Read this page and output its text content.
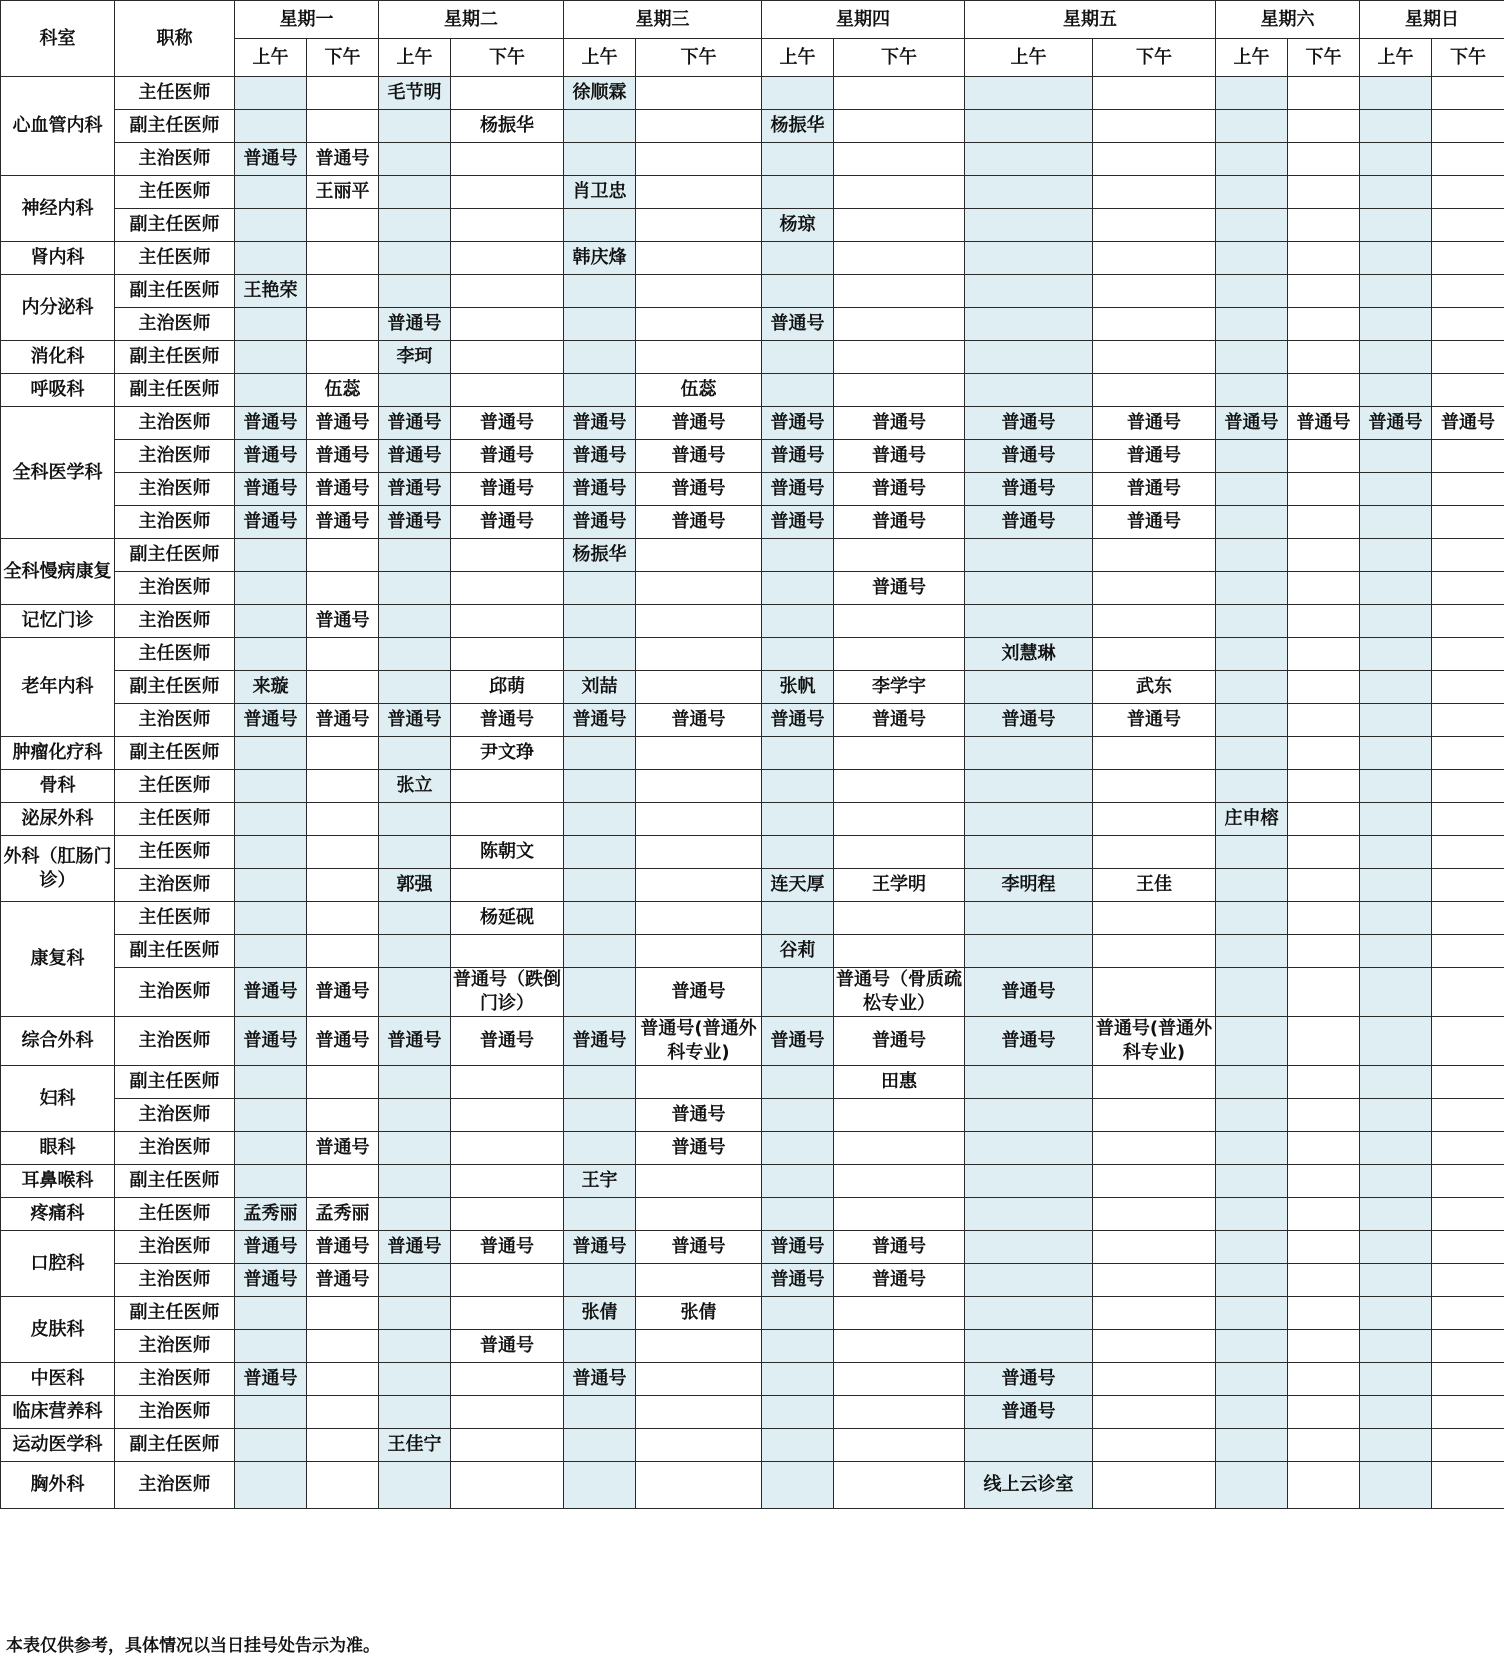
科室	职称	星期一		星期二		星期三		星期四		星期五		星期六		星期日	
		上午	下午	上午	下午	上午	下午	上午	下午	上午	下午	上午	下午	上午	下午
心血管内科	主任医师			毛节明		徐顺霖									
	副主任医师				杨振华			杨振华							
	主治医师	普通号	普通号												
神经内科	主任医师		王丽平			肖卫忠									
	副主任医师							杨琼							
肾内科	主任医师					韩庆烽									
内分泌科	副主任医师	王艳荣													
	主治医师			普通号				普通号							
消化科	副主任医师			李珂											
呼吸科	副主任医师		伍蕊				伍蕊								
全科医学科	主治医师	普通号	普通号	普通号	普通号	普通号	普通号	普通号	普通号	普通号	普通号	普通号	普通号	普通号	普通号
	主治医师	普通号	普通号	普通号	普通号	普通号	普通号	普通号	普通号	普通号	普通号				
	主治医师	普通号	普通号	普通号	普通号	普通号	普通号	普通号	普通号	普通号	普通号				
	主治医师	普通号	普通号	普通号	普通号	普通号	普通号	普通号	普通号	普通号	普通号				
全科慢病康复	副主任医师					杨振华									
	主治医师								普通号						
记忆门诊	主治医师		普通号												
老年内科	主任医师									刘慧琳					
	副主任医师	来璇			邱萌	刘喆		张帆	李学宇		武东				
	主治医师	普通号	普通号	普通号	普通号	普通号	普通号	普通号	普通号	普通号	普通号				
肿瘤化疗科	副主任医师				尹文琤										
骨科	主任医师			张立											
泌尿外科	主任医师											庄申榕			
外科（肛肠门诊）	主任医师				陈朝文										
	主治医师			郭强				连天厚	王学明	李明程	王佳				
康复科	主任医师				杨延砚										
	副主任医师							谷莉							
	主治医师	普通号	普通号		普通号（跌倒门诊）		普通号		普通号（骨质疏松专业）	普通号					
综合外科	主治医师	普通号	普通号	普通号	普通号	普通号	普通号(普通外科专业)	普通号	普通号	普通号	普通号(普通外科专业)				
妇科	副主任医师								田惠						
	主治医师						普通号								
眼科	主治医师		普通号				普通号								
耳鼻喉科	副主任医师					王宇									
疼痛科	主任医师	孟秀丽	孟秀丽												
口腔科	主治医师	普通号	普通号	普通号	普通号	普通号	普通号	普通号	普通号						
	主治医师	普通号	普通号					普通号	普通号						
皮肤科	副主任医师					张倩	张倩								
	主治医师				普通号										
中医科	主治医师	普通号				普通号				普通号					
临床营养科	主治医师									普通号					
运动医学科	副主任医师			王佳宁											
胸外科	主治医师									线上云诊室					
本表仅供参考，具体情况以当日挂号处告示为准。
